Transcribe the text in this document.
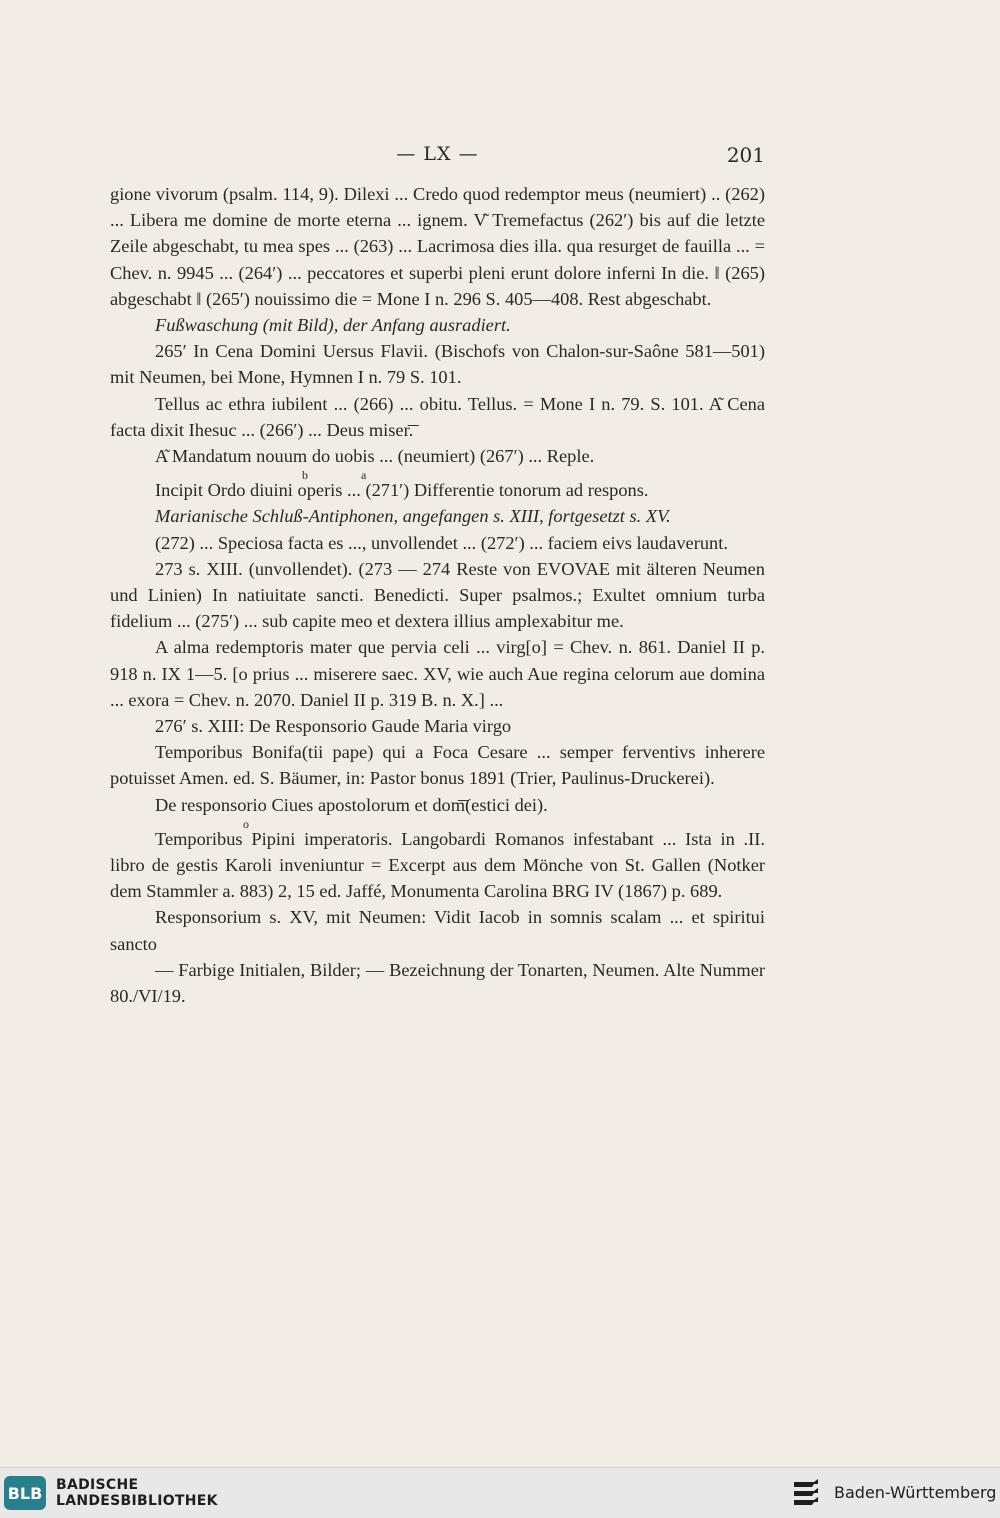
— LX —	201

gione vivorum (psalm. 114, 9). Dilexi ... Credo quod redemptor meus (neumiert) .. (262) ... Libera me domine de morte eterna ... ignem. V͂ Tremefactus (262′) bis auf die letzte Zeile abgeschabt, tu mea spes ... (263) ... Lacrimosa dies illa. qua resurget de fauilla ... = Chev. n. 9945 ... (264′) ... peccatores et superbi pleni erunt dolore inferni In die. ‖ (265) abgeschabt ‖ (265′) nouissimo die = Mone I n. 296 S. 405—408. Rest abgeschabt.

Fußwaschung (mit Bild), der Anfang ausradiert.

265′ In Cena Domini Uersus Flavii. (Bischofs von Chalon-sur-Saône 581—501) mit Neumen, bei Mone, Hymnen I n. 79 S. 101.

Tellus ac ethra iubilent ... (266) ... obitu. Tellus. = Mone I n. 79. S. 101. A͂ Cena facta dixit Ihesuc ... (266′) ... Deus miser͞.

A͂ Mandatum nouum do uobis ... (neumiert) (267′) ... Reple.

b	a

Incipit Ordo diuini operis ... (271′) Differentie tonorum ad respons.

Marianische Schluß-Antiphonen, angefangen s. XIII, fortgesetzt s. XV.

(272) ... Speciosa facta es ..., unvollendet ... (272′) ... faciem eivs laudaverunt.

273 s. XIII. (unvollendet). (273 — 274 Reste von EVOVAE mit älteren Neumen und Linien) In natiuitate sancti. Benedicti. Super psalmos.; Exultet omnium turba fidelium ... (275′) ... sub capite meo et dextera illius amplexabitur me.

A alma redemptoris mater que pervia celi ... virg[o] = Chev. n. 861. Daniel II p. 918 n. IX 1—5. [o prius ... miserere saec. XV, wie auch Aue regina celorum aue domina ... exora = Chev. n. 2070. Daniel II p. 319 B. n. X.] ...

276′ s. XIII: De Responsorio Gaude Maria virgo

Temporibus Bonifa(tii pape) qui a Foca Cesare ... semper ferventivs inherere potuisset Amen. ed. S. Bäumer, in: Pastor bonus 1891 (Trier, Paulinus-Druckerei).

De responsorio Ciues apostolorum et dom͞(estici dei).

o

Temporibus Pipini imperatoris. Langobardi Romanos infestabant ... Ista in .II. libro de gestis Karoli inveniuntur = Excerpt aus dem Mönche von St. Gallen (Notker dem Stammler a. 883) 2, 15 ed. Jaffé, Monumenta Carolina BRG IV (1867) p. 689.

Responsorium s. XV, mit Neumen: Vidit Iacob in somnis scalam ... et spiritui sancto

— Farbige Initialen, Bilder; — Bezeichnung der Tonarten, Neumen. Alte Nummer 80./VI/19.

BLB BADISCHE
LANDESBIBLIOTHEK	Baden-Württemberg
